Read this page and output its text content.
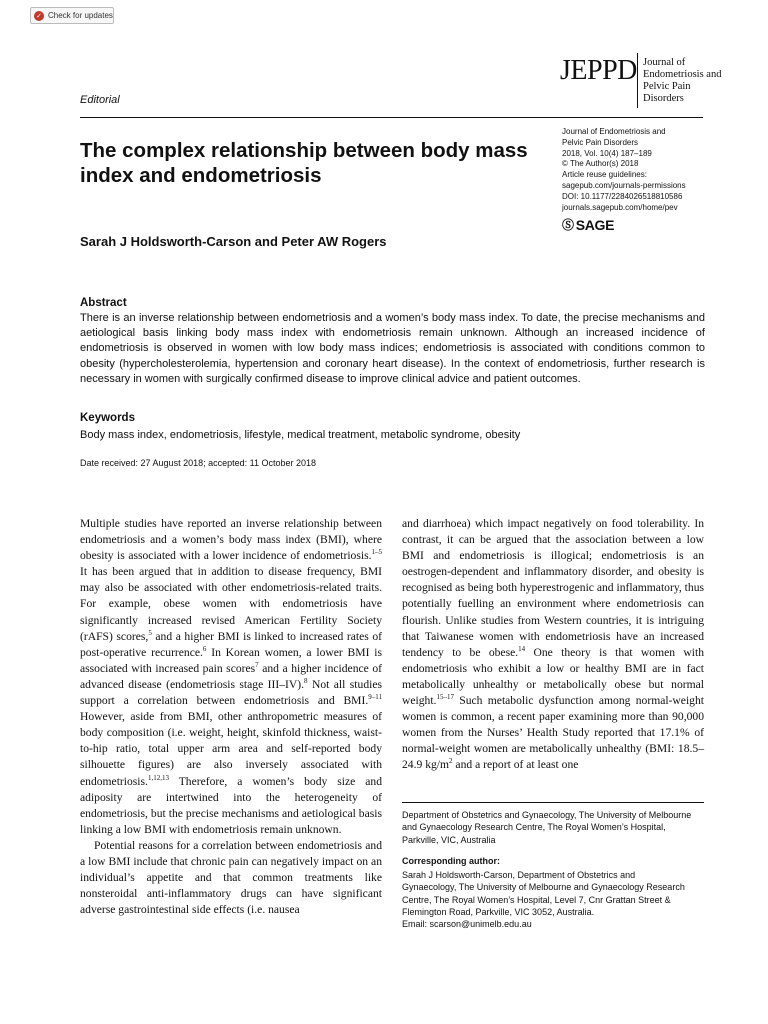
✓ Check for updates
JEPPD Journal of
Endometriosis and
Pelvic Pain
Disorders
Editorial
The complex relationship between body mass index and endometriosis
Journal of Endometriosis and
Pelvic Pain Disorders
2018, Vol. 10(4) 187–189
© The Author(s) 2018
Article reuse guidelines:
sagepub.com/journals-permissions
DOI: 10.1177/2284026518810586
journals.sagepub.com/home/pev
Ⓢ SAGE
Sarah J Holdsworth-Carson and Peter AW Rogers
Abstract
There is an inverse relationship between endometriosis and a women’s body mass index. To date, the precise mechanisms and aetiological basis linking body mass index with endometriosis remain unknown. Although an increased incidence of endometriosis is observed in women with low body mass indices; endometriosis is associated with conditions common to obesity (hypercholesterolemia, hypertension and coronary heart disease). In the context of endometriosis, further research is necessary in women with surgically confirmed disease to improve clinical advice and patient outcomes.
Keywords
Body mass index, endometriosis, lifestyle, medical treatment, metabolic syndrome, obesity
Date received: 27 August 2018; accepted: 11 October 2018

Multiple studies have reported an inverse relationship between endometriosis and a women’s body mass index (BMI), where obesity is associated with a lower incidence of endometriosis.$^{1-5}$ It has been argued that in addition to disease frequency, BMI may also be associated with other endometriosis-related traits. For example, obese women with endometriosis have significantly increased revised American Fertility Society (rAFS) scores,$^5$ and a higher BMI is linked to increased rates of post-operative recurrence.$^6$ In Korean women, a lower BMI is associated with increased pain scores$^7$ and a higher incidence of advanced disease (endometriosis stage III–IV).$^8$ Not all studies support a correlation between endometriosis and BMI.$^{9-11}$ However, aside from BMI, other anthropometric measures of body composition (i.e. weight, height, skinfold thickness, waist-to-hip ratio, total upper arm area and self-reported body silhouette figures) are also inversely associated with endometriosis.$^{1,12,13}$ Therefore, a women’s body size and adiposity are intertwined into the heterogeneity of endometriosis, but the precise mechanisms and aetiological basis linking a low BMI with endometriosis remain unknown.

Potential reasons for a correlation between endometriosis and a low BMI include that chronic pain can negatively impact on an individual’s appetite and that common treatments like nonsteroidal anti-inflammatory drugs can have significant adverse gastrointestinal side effects (i.e. nausea

and diarrhoea) which impact negatively on food tolerability. In contrast, it can be argued that the association between a low BMI and endometriosis is illogical; endometriosis is an oestrogen-dependent and inflammatory disorder, and obesity is recognised as being both hyperestrogenic and inflammatory, thus potentially fuelling an environment where endometriosis can flourish. Unlike studies from Western countries, it is intriguing that Taiwanese women with endometriosis have an increased tendency to be obese.$^{14}$ One theory is that women with endometriosis who exhibit a low or healthy BMI are in fact metabolically unhealthy or metabolically obese but normal weight.$^{15-17}$ Such metabolic dysfunction among normal-weight women is common, a recent paper examining more than 90,000 women from the Nurses’ Health Study reported that 17.1% of normal-weight women are metabolically unhealthy (BMI: 18.5–24.9 $kg/m^2$ and a report of at least one

Department of Obstetrics and Gynaecology, The University of Melbourne and Gynaecology Research Centre, The Royal Women’s Hospital, Parkville, VIC, Australia
Corresponding author:
Sarah J Holdsworth-Carson, Department of Obstetrics and
Gynaecology, The University of Melbourne and Gynaecology Research
Centre, The Royal Women’s Hospital, Level 7, Cnr Grattan Street &
Flemington Road, Parkville, VIC 3052, Australia.
Email: scarson@unimelb.edu.au
